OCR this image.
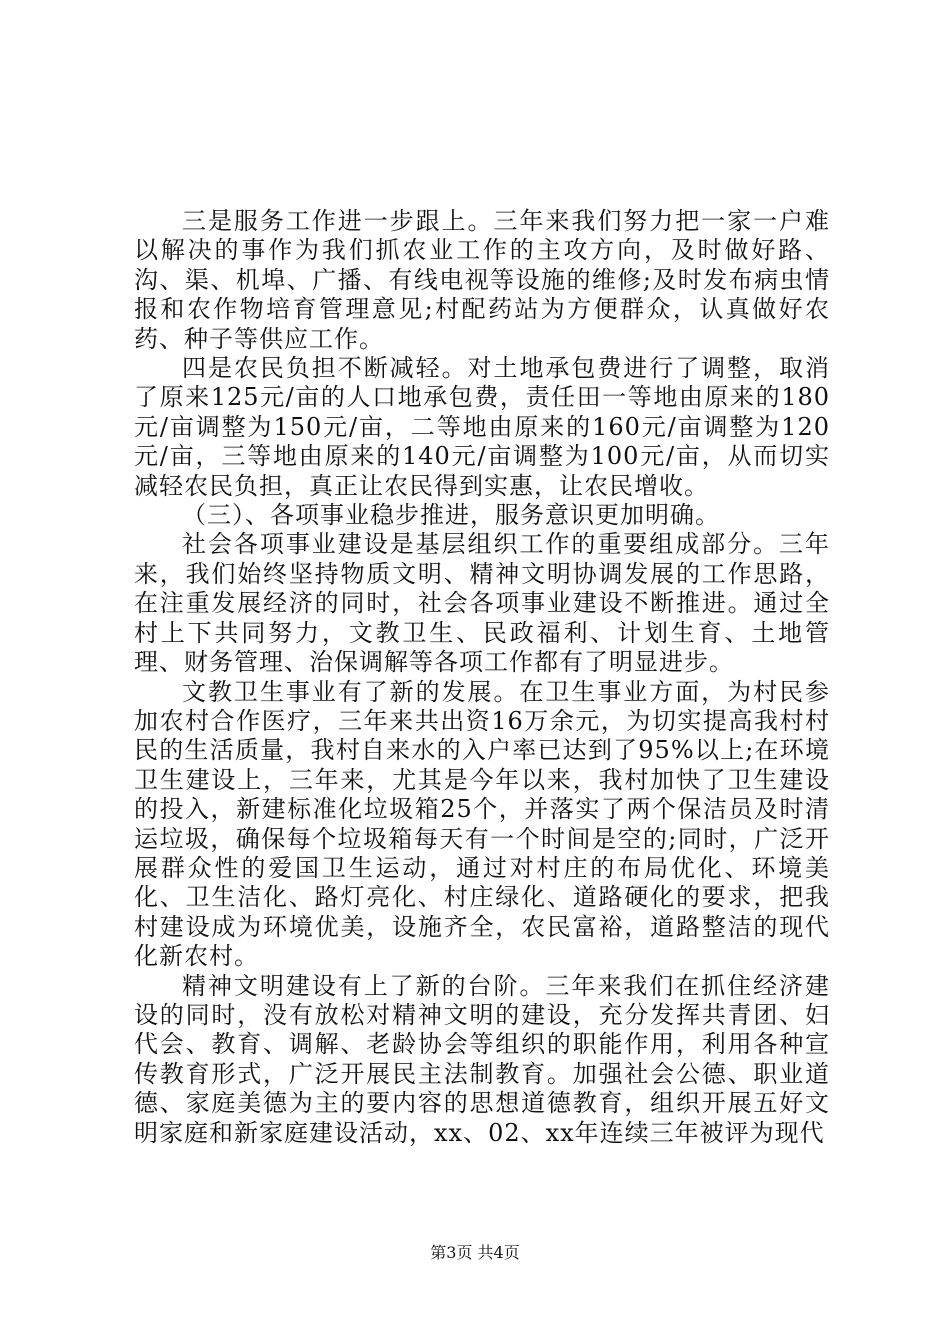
三是服务工作进一步跟上。三年来我们努力把一家一户难以解决的事作为我们抓农业工作的主攻方向，及时做好路、沟、渠、机埠、广播、有线电视等设施的维修;及时发布病虫情报和农作物培育管理意见;村配药站为方便群众，认真做好农药、种子等供应工作。

四是农民负担不断减轻。对土地承包费进行了调整，取消了原来125元/亩的人口地承包费，责任田一等地由原来的180元/亩调整为150元/亩，二等地由原来的160元/亩调整为120元/亩，三等地由原来的140元/亩调整为100元/亩，从而切实减轻农民负担，真正让农民得到实惠，让农民增收。

（三）、各项事业稳步推进，服务意识更加明确。

社会各项事业建设是基层组织工作的重要组成部分。三年来，我们始终坚持物质文明、精神文明协调发展的工作思路，在注重发展经济的同时，社会各项事业建设不断推进。通过全村上下共同努力，文教卫生、民政福利、计划生育、土地管理、财务管理、治保调解等各项工作都有了明显进步。

文教卫生事业有了新的发展。在卫生事业方面，为村民参加农村合作医疗，三年来共出资16万余元，为切实提高我村村民的生活质量，我村自来水的入户率已达到了95%以上;在环境卫生建设上，三年来，尤其是今年以来，我村加快了卫生建设的投入，新建标准化垃圾箱25个，并落实了两个保洁员及时清运垃圾，确保每个垃圾箱每天有一个时间是空的;同时，广泛开展群众性的爱国卫生运动，通过对村庄的布局优化、环境美化、卫生洁化、路灯亮化、村庄绿化、道路硬化的要求，把我村建设成为环境优美，设施齐全，农民富裕，道路整洁的现代化新农村。

精神文明建设有上了新的台阶。三年来我们在抓住经济建设的同时，没有放松对精神文明的建设，充分发挥共青团、妇代会、教育、调解、老龄协会等组织的职能作用，利用各种宣传教育形式，广泛开展民主法制教育。加强社会公德、职业道德、家庭美德为主的要内容的思想道德教育，组织开展五好文明家庭和新家庭建设活动，xx、02、xx年连续三年被评为现代

第3页 共4页
